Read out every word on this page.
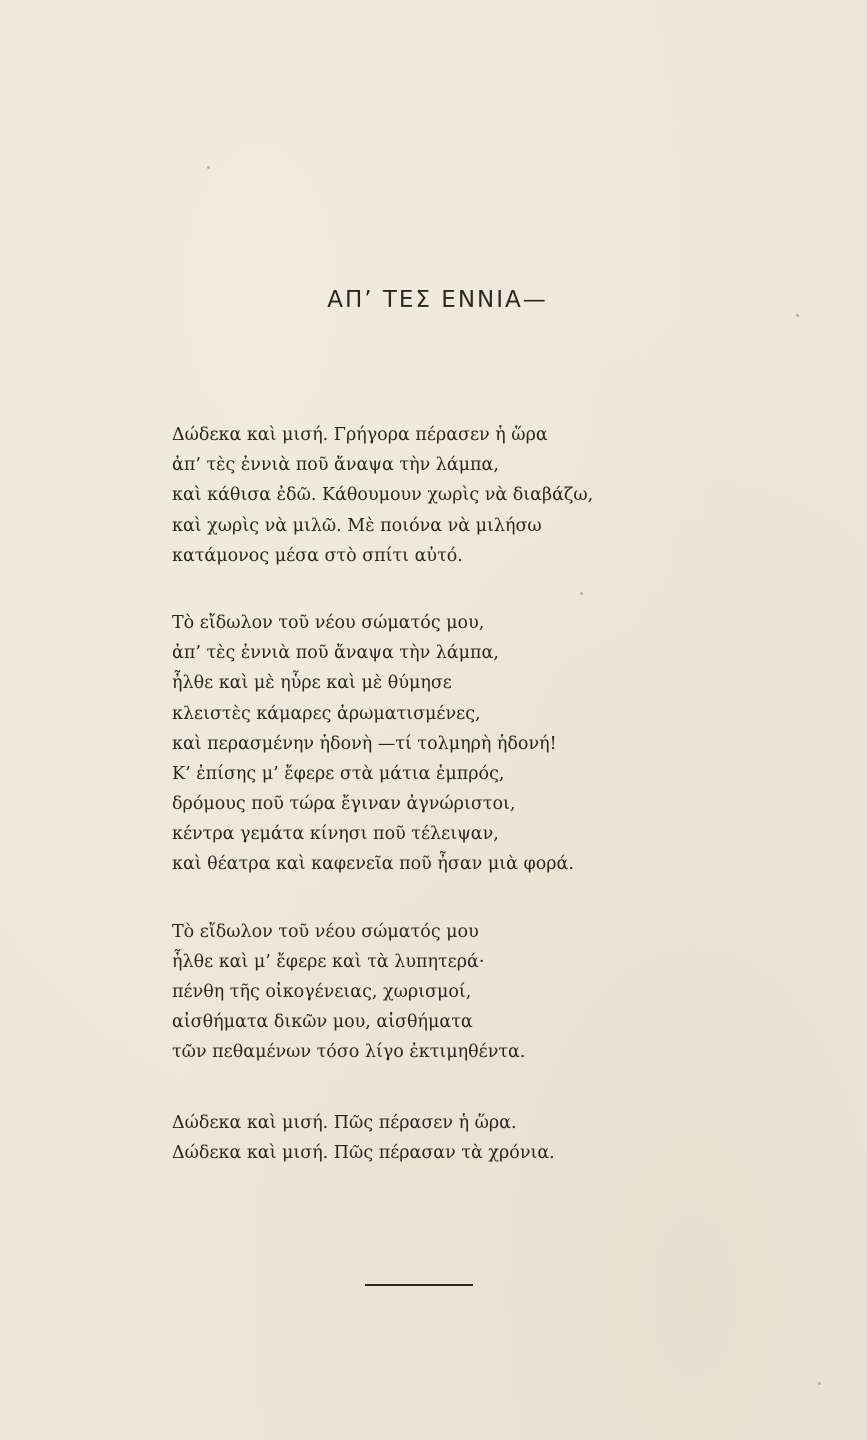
ΑΠ’ ΤΕΣ ΕΝΝΙΑ—
Δώδεκα καὶ μισή. Γρήγορα πέρασεν ἡ ὥρα
ἀπ’ τὲς ἐννιὰ ποῦ ἄναψα τὴν λάμπα,
καὶ κάθισα ἐδῶ. Κάθουμουν χωρὶς νὰ διαβάζω,
καὶ χωρὶς νὰ μιλῶ. Μὲ ποιόνα νὰ μιλήσω
κατάμονος μέσα στὸ σπίτι αὐτό.
Τὸ εἴδωλον τοῦ νέου σώματός μου,
ἀπ’ τὲς ἐννιὰ ποῦ ἄναψα τὴν λάμπα,
ἦλθε καὶ μὲ ηὗρε καὶ μὲ θύμησε
κλειστὲς κάμαρες ἀρωματισμένες,
καὶ περασμένην ἡδονὴ —τί τολμηρὴ ἡδονή!
Κ’ ἐπίσης μ’ ἔφερε στὰ μάτια ἐμπρός,
δρόμους ποῦ τώρα ἔγιναν ἀγνώριστοι,
κέντρα γεμάτα κίνησι ποῦ τέλειψαν,
καὶ θέατρα καὶ καφενεῖα ποῦ ἦσαν μιὰ φορά.
Τὸ εἴδωλον τοῦ νέου σώματός μου
ἦλθε καὶ μ’ ἔφερε καὶ τὰ λυπητερά·
πένθη τῆς οἰκογένειας, χωρισμοί,
αἰσθήματα δικῶν μου, αἰσθήματα
τῶν πεθαμένων τόσο λίγο ἐκτιμηθέντα.
Δώδεκα καὶ μισή. Πῶς πέρασεν ἡ ὥρα.
Δώδεκα καὶ μισή. Πῶς πέρασαν τὰ χρόνια.
